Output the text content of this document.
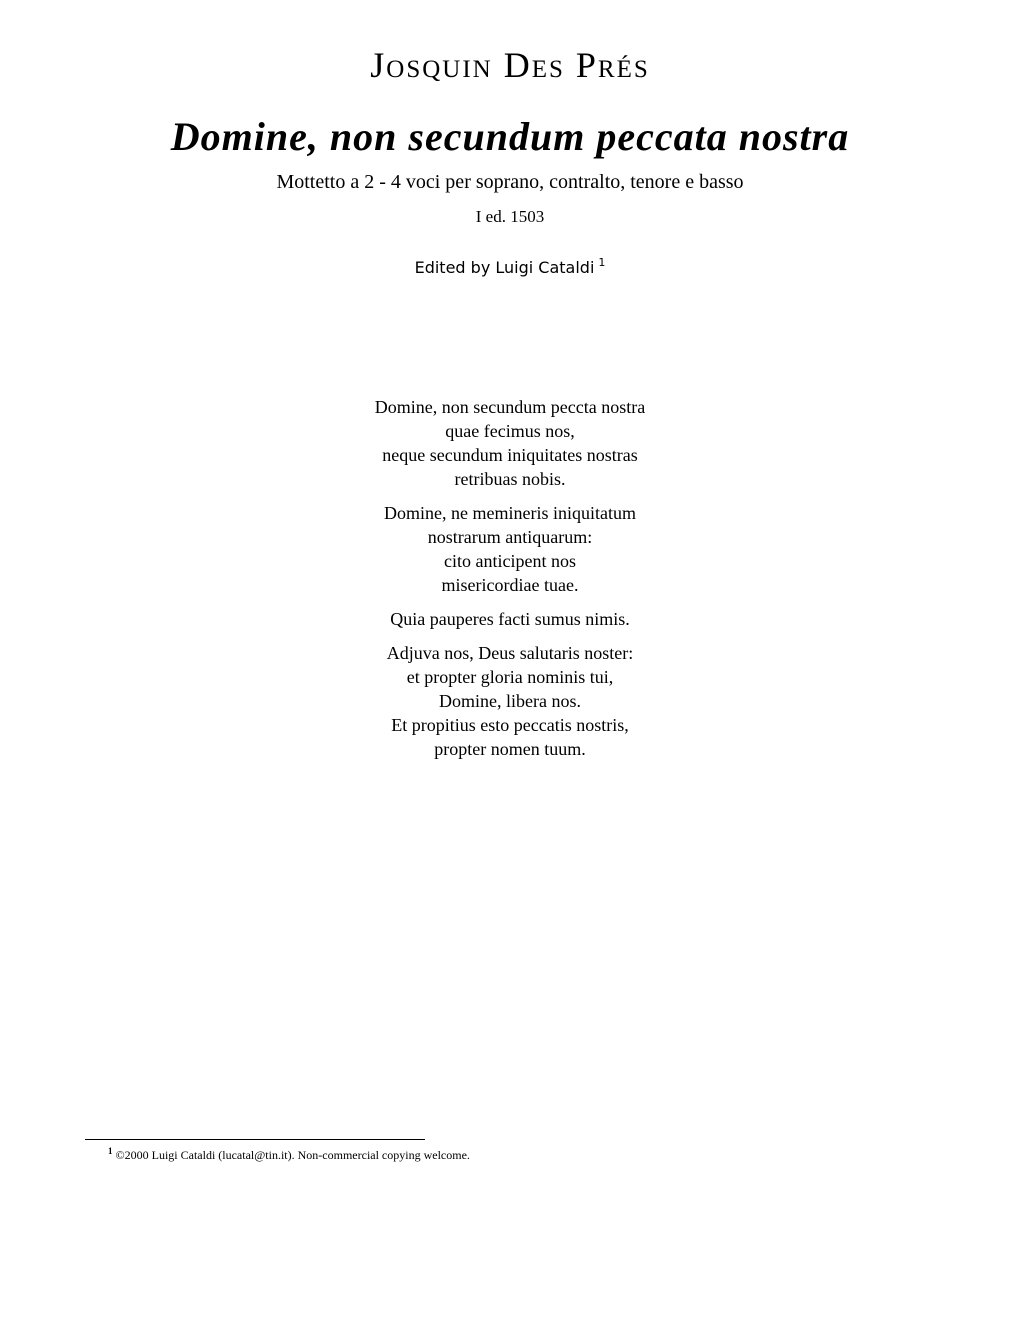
Josquin Des Prés
Domine, non secundum peccata nostra
Mottetto a 2 - 4 voci per soprano, contralto, tenore e basso
I ed. 1503
Edited by Luigi Cataldi $^1$

Domine, non secundum peccta nostra
quae fecimus nos,
neque secundum iniquitates nostras
retribuas nobis.

Domine, ne memineris iniquitatum
nostrarum antiquarum:
cito anticipent nos
misericordiae tuae.

Quia pauperes facti sumus nimis.

Adjuva nos, Deus salutaris noster:
et propter gloria nominis tui,
Domine, libera nos.
Et propitius esto peccatis nostris,
propter nomen tuum.

$^1$ ©2000 Luigi Cataldi (lucatal@tin.it). Non-commercial copying welcome.
